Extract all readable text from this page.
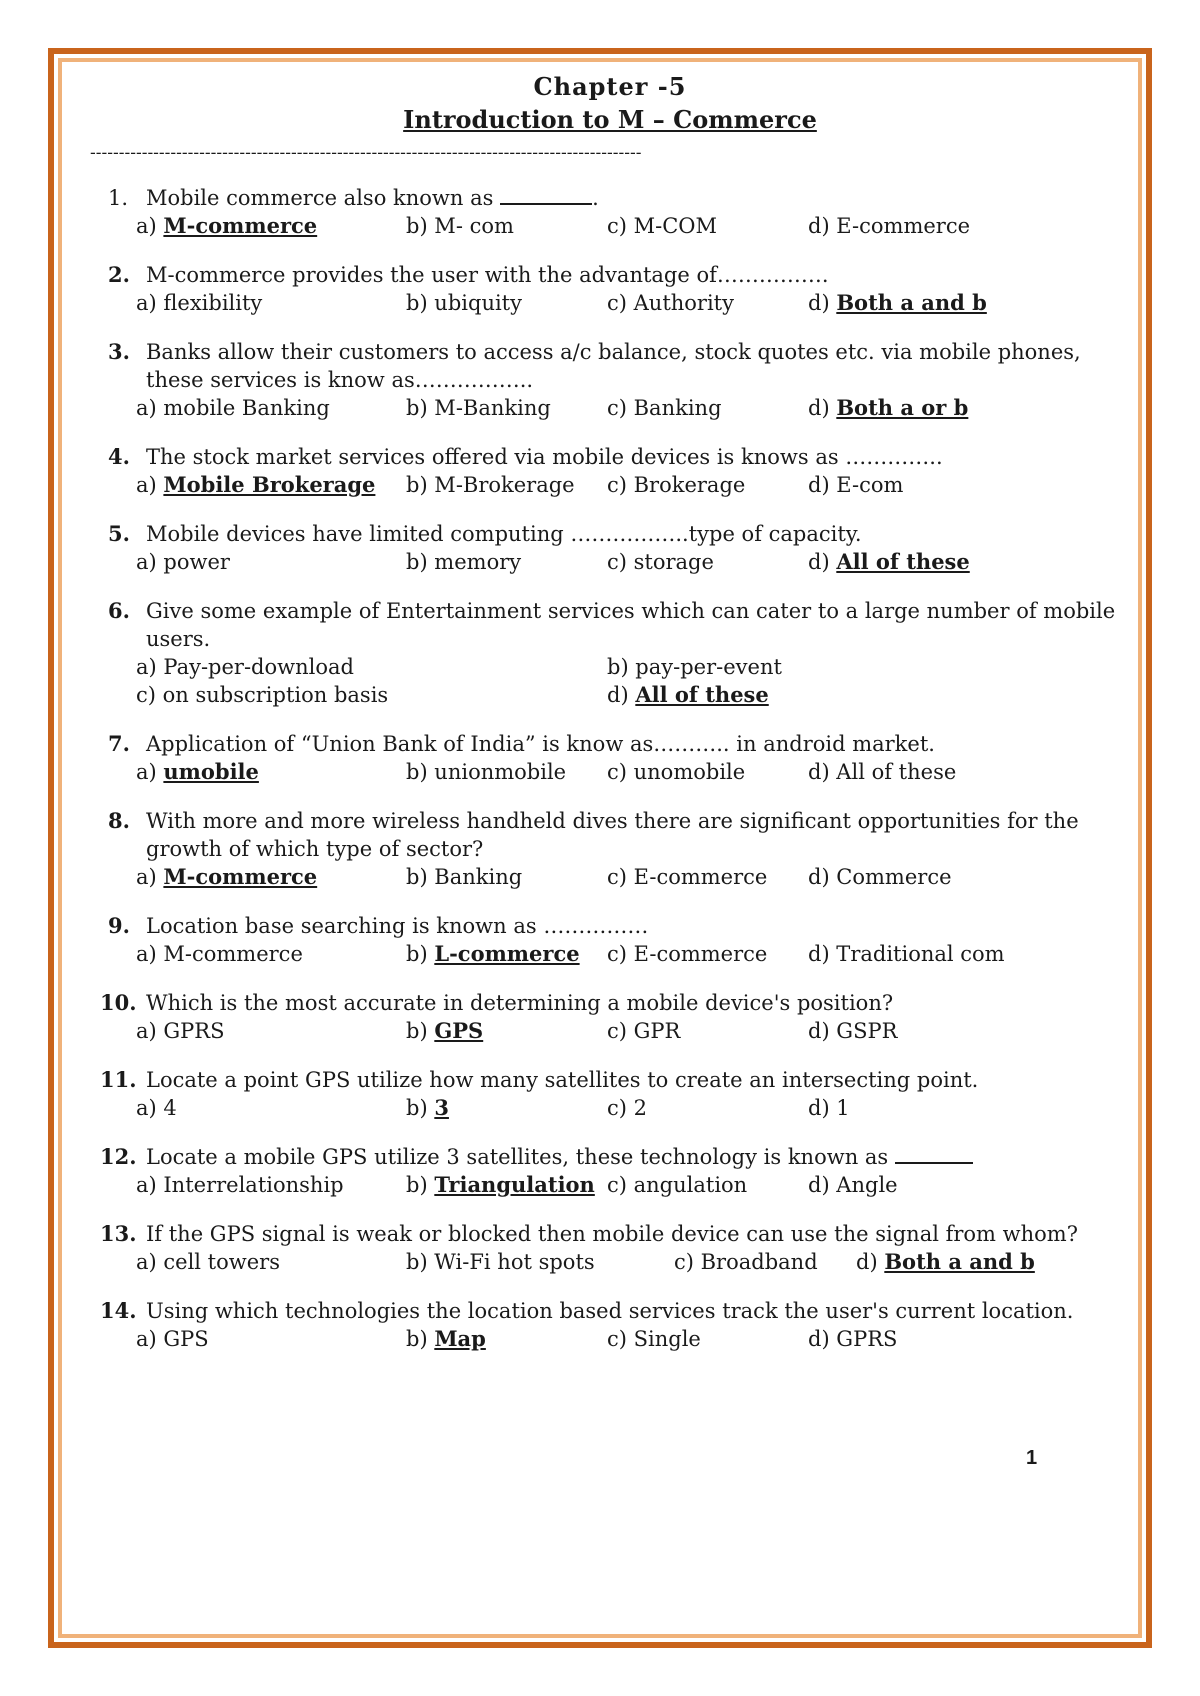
Chapter -5
Introduction to M – Commerce
------------------------------------------------------------------------------------------------
1. Mobile commerce also known as	.
a) M-commerce	b) M- com	c) M-COM	d) E-commerce
2. M-commerce provides the user with the advantage of…………….
a) flexibility	b) ubiquity	c) Authority	d) Both a and b
3. Banks allow their customers to access a/c balance, stock quotes etc. via mobile phones, these services is know as……………..
a) mobile Banking	b) M-Banking	c) Banking	d) Both a or b
4. The stock market services offered via mobile devices is knows as …………..
a) Mobile Brokerage b) M-Brokerage c) Brokerage	d) E-com
5. Mobile devices have limited computing ……………..type of capacity.
a) power	b) memory	c) storage	d) All of these
6. Give some example of Entertainment services which can cater to a large number of mobile users.
a) Pay-per-download	b) pay-per-event
c) on subscription basis	d) All of these
7. Application of “Union Bank of India” is know as……….. in android market.
a) umobile	b) unionmobile c) unomobile	d) All of these
8. With more and more wireless handheld dives there are significant opportunities for the growth of which type of sector?
a) M-commerce	b) Banking	c) E-commerce d) Commerce
9. Location base searching is known as ……………
a) M-commerce	b) L-commerce c) E-commerce d) Traditional com
10. Which is the most accurate in determining a mobile device's position?
a) GPRS	b) GPS	c) GPR	d) GSPR
11. Locate a point GPS utilize how many satellites to create an intersecting point.
a) 4	b) 3	c) 2	d) 1
12. Locate a mobile GPS utilize 3 satellites, these technology is known as
a) Interrelationship	b) Triangulation c) angulation	d) Angle
13. If the GPS signal is weak or blocked then mobile device can use the signal from whom?
a) cell towers	b) Wi-Fi hot spots	c) Broadband d) Both a and b
14. Using which technologies the location based services track the user's current location.
a) GPS	b) Map	c) Single	d) GPRS
1
